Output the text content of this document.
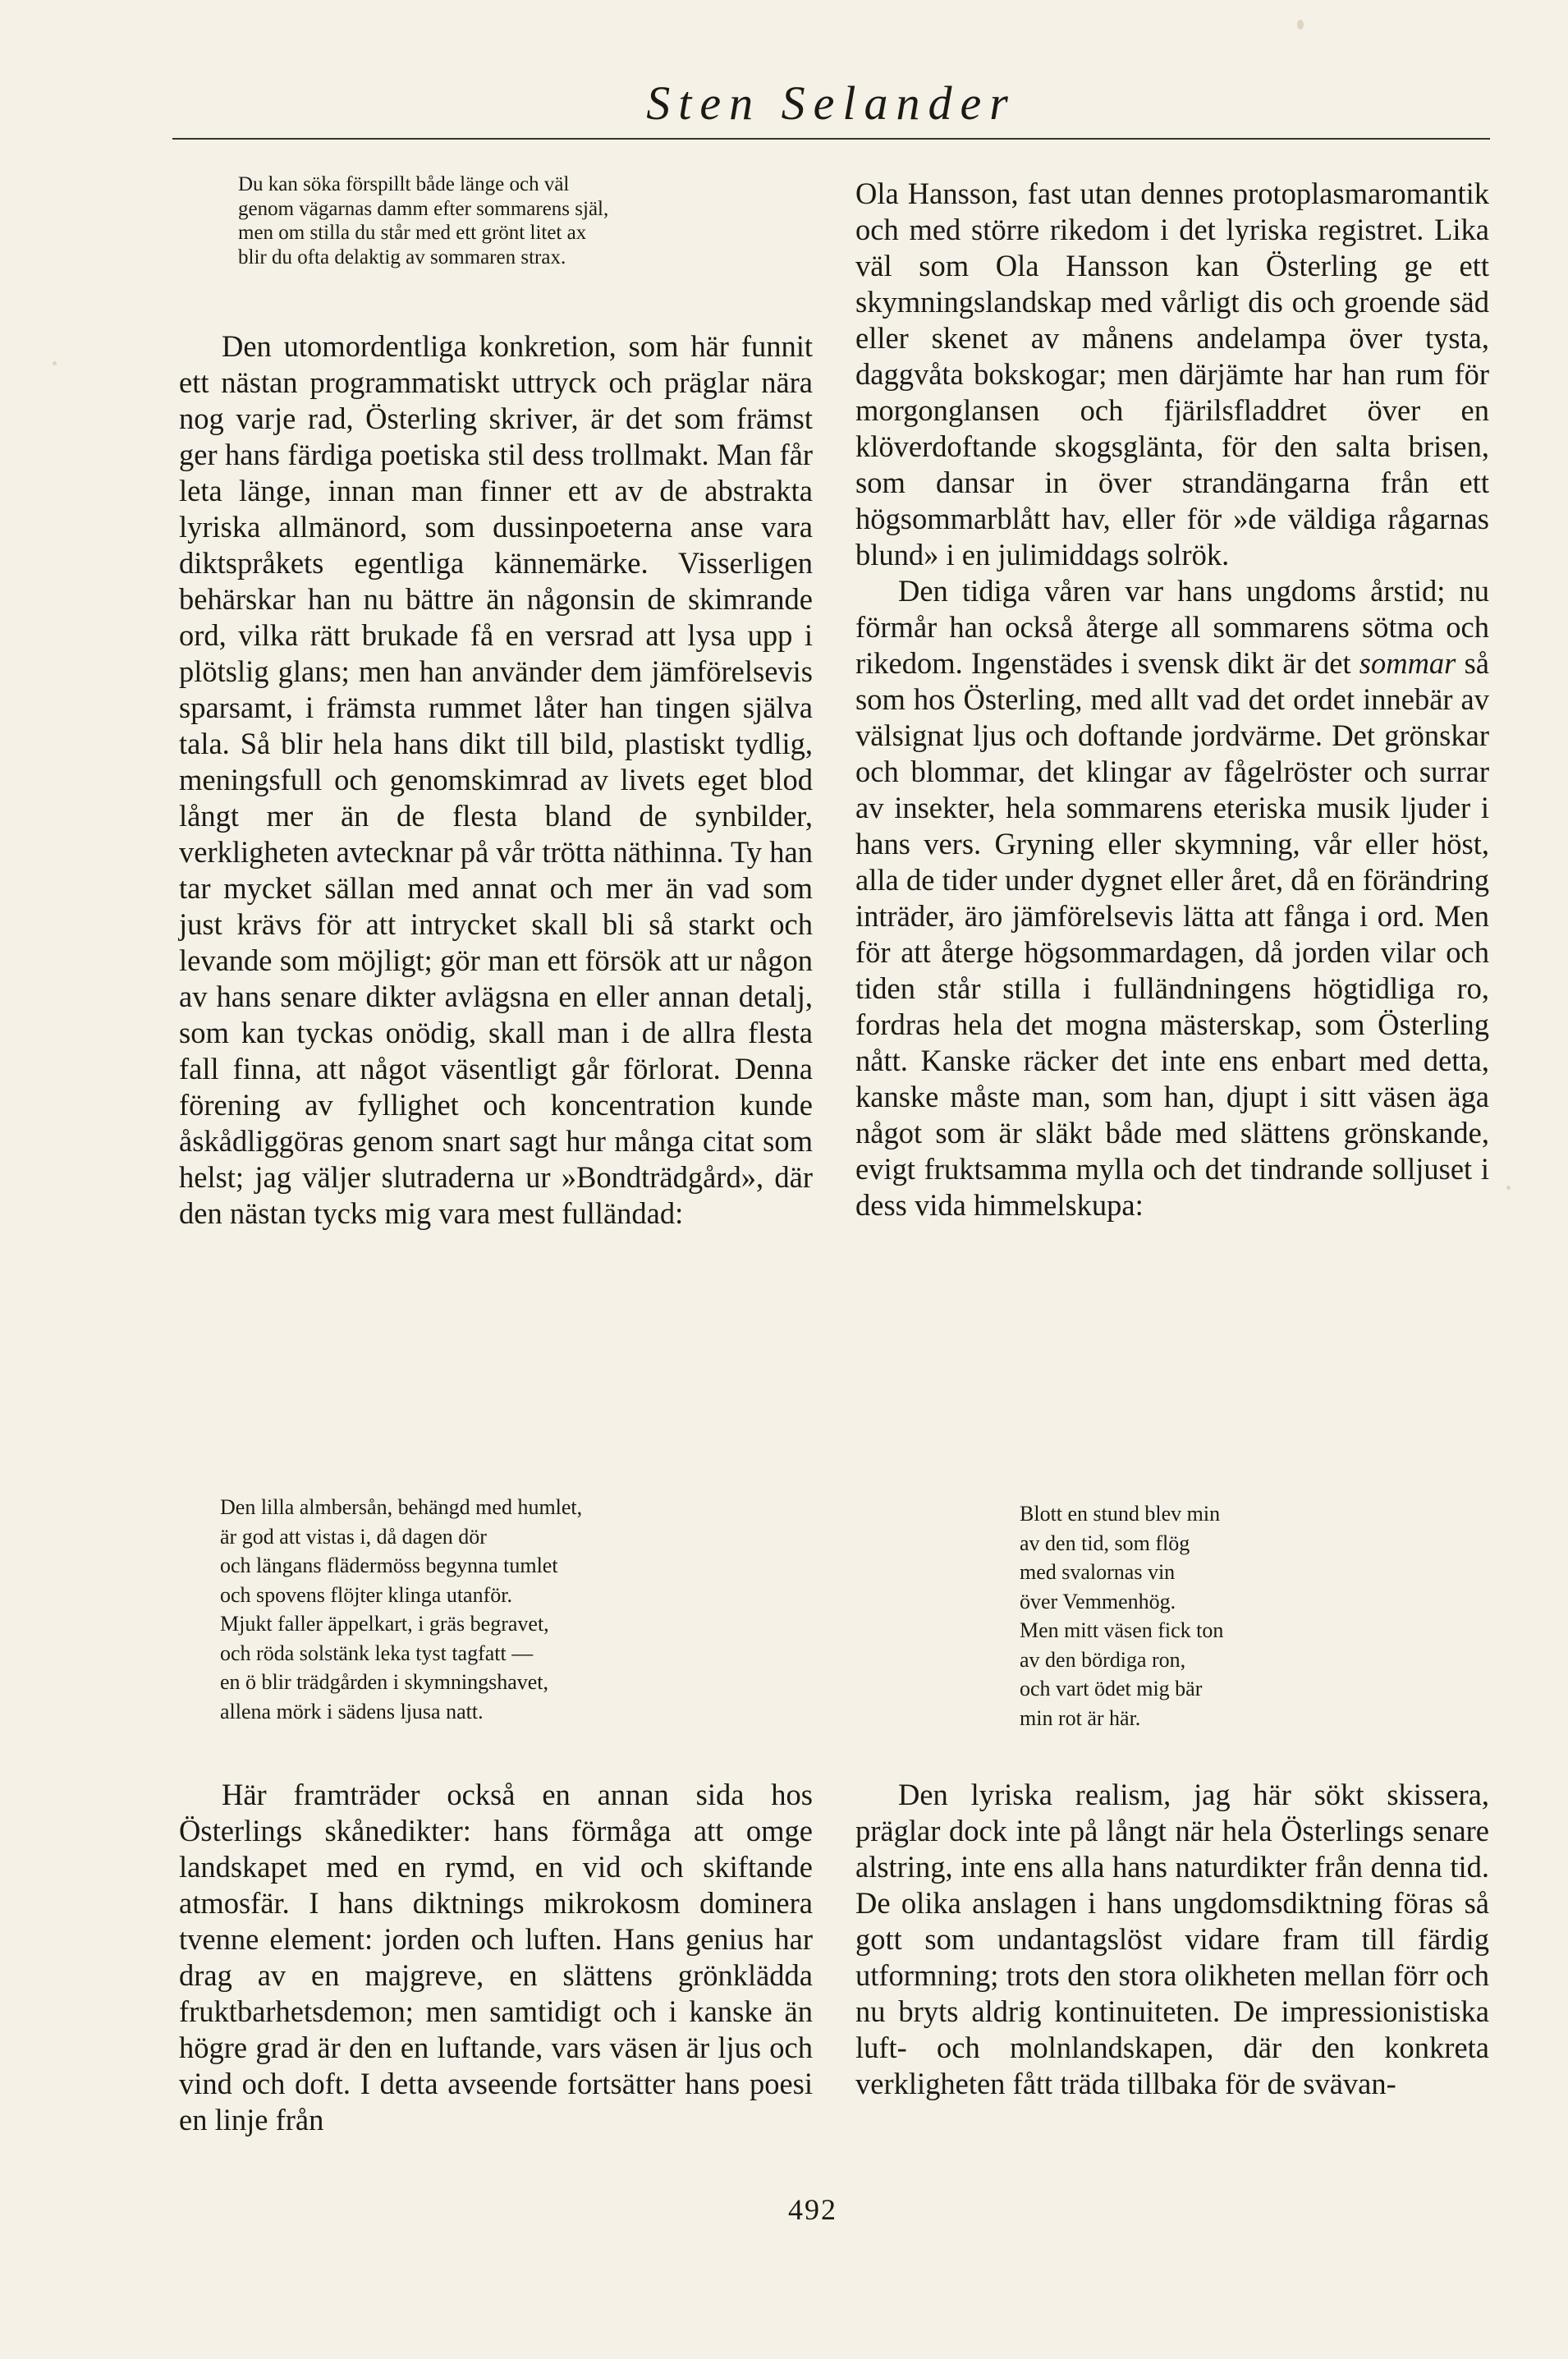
Sten Selander
Du kan söka förspillt både länge och väl
genom vägarnas damm efter sommarens själ,
men om stilla du står med ett grönt litet ax
blir du ofta delaktig av sommaren strax.

Den utomordentliga konkretion, som här funnit ett nästan programmatiskt uttryck och präglar nära nog varje rad, Österling skriver, är det som främst ger hans färdiga poetiska stil dess trollmakt. Man får leta länge, innan man finner ett av de abstrakta lyriska allmänord, som dussinpoeterna anse vara diktspråkets egentliga kännemärke. Visserligen behärskar han nu bättre än någonsin de skimrande ord, vilka rätt brukade få en versrad att lysa upp i plötslig glans; men han använder dem jämförelsevis sparsamt, i främsta rummet låter han tingen själva tala. Så blir hela hans dikt till bild, plastiskt tydlig, meningsfull och genomskimrad av livets eget blod långt mer än de flesta bland de synbilder, verkligheten avtecknar på vår trötta näthinna. Ty han tar mycket sällan med annat och mer än vad som just krävs för att intrycket skall bli så starkt och levande som möjligt; gör man ett försök att ur någon av hans senare dikter avlägsna en eller annan detalj, som kan tyckas onödig, skall man i de allra flesta fall finna, att något väsentligt går förlorat. Denna förening av fyllighet och koncentration kunde åskådliggöras genom snart sagt hur många citat som helst; jag väljer slutraderna ur »Bondträdgård», där den nästan tycks mig vara mest fulländad:

Den lilla almbersån, behängd med humlet,
är god att vistas i, då dagen dör
och längans flädermöss begynna tumlet
och spovens flöjter klinga utanför.
Mjukt faller äppelkart, i gräs begravet,
och röda solstänk leka tyst tagfatt —
en ö blir trädgården i skymningshavet,
allena mörk i sädens ljusa natt.

Här framträder också en annan sida hos Österlings skånedikter: hans förmåga att omge landskapet med en rymd, en vid och skiftande atmosfär. I hans diktnings mikrokosm dominera tvenne element: jorden och luften. Hans genius har drag av en majgreve, en slättens grönklädda fruktbarhetsdemon; men samtidigt och i kanske än högre grad är den en luftande, vars väsen är ljus och vind och doft. I detta avseende fortsätter hans poesi en linje från

Ola Hansson, fast utan dennes protoplasmaromantik och med större rikedom i det lyriska registret. Lika väl som Ola Hansson kan Österling ge ett skymningslandskap med vårligt dis och groende säd eller skenet av månens andelampa över tysta, daggvåta bokskogar; men därjämte har han rum för morgonglansen och fjärilsfladdret över en klöverdoftande skogsglänta, för den salta brisen, som dansar in över strandängarna från ett högsommarblått hav, eller för »de väldiga rågarnas blund» i en julimiddags solrök.

Den tidiga våren var hans ungdoms årstid; nu förmår han också återge all sommarens sötma och rikedom. Ingenstädes i svensk dikt är det sommar så som hos Österling, med allt vad det ordet innebär av välsignat ljus och doftande jordvärme. Det grönskar och blommar, det klingar av fågelröster och surrar av insekter, hela sommarens eteriska musik ljuder i hans vers. Gryning eller skymning, vår eller höst, alla de tider under dygnet eller året, då en förändring inträder, äro jämförelsevis lätta att fånga i ord. Men för att återge högsommardagen, då jorden vilar och tiden står stilla i fulländningens högtidliga ro, fordras hela det mogna mästerskap, som Österling nått. Kanske räcker det inte ens enbart med detta, kanske måste man, som han, djupt i sitt väsen äga något som är släkt både med slättens grönskande, evigt fruktsamma mylla och det tindrande solljuset i dess vida himmelskupa:

Blott en stund blev min
av den tid, som flög
med svalornas vin
över Vemmenhög.
Men mitt väsen fick ton
av den bördiga ron,
och vart ödet mig bär
min rot är här.

Den lyriska realism, jag här sökt skissera, präglar dock inte på långt när hela Österlings senare alstring, inte ens alla hans naturdikter från denna tid. De olika anslagen i hans ungdomsdiktning föras så gott som undantagslöst vidare fram till färdig utformning; trots den stora olikheten mellan förr och nu bryts aldrig kontinuiteten. De impressionistiska luft- och molnlandskapen, där den konkreta verkligheten fått träda tillbaka för de svävan-

492
